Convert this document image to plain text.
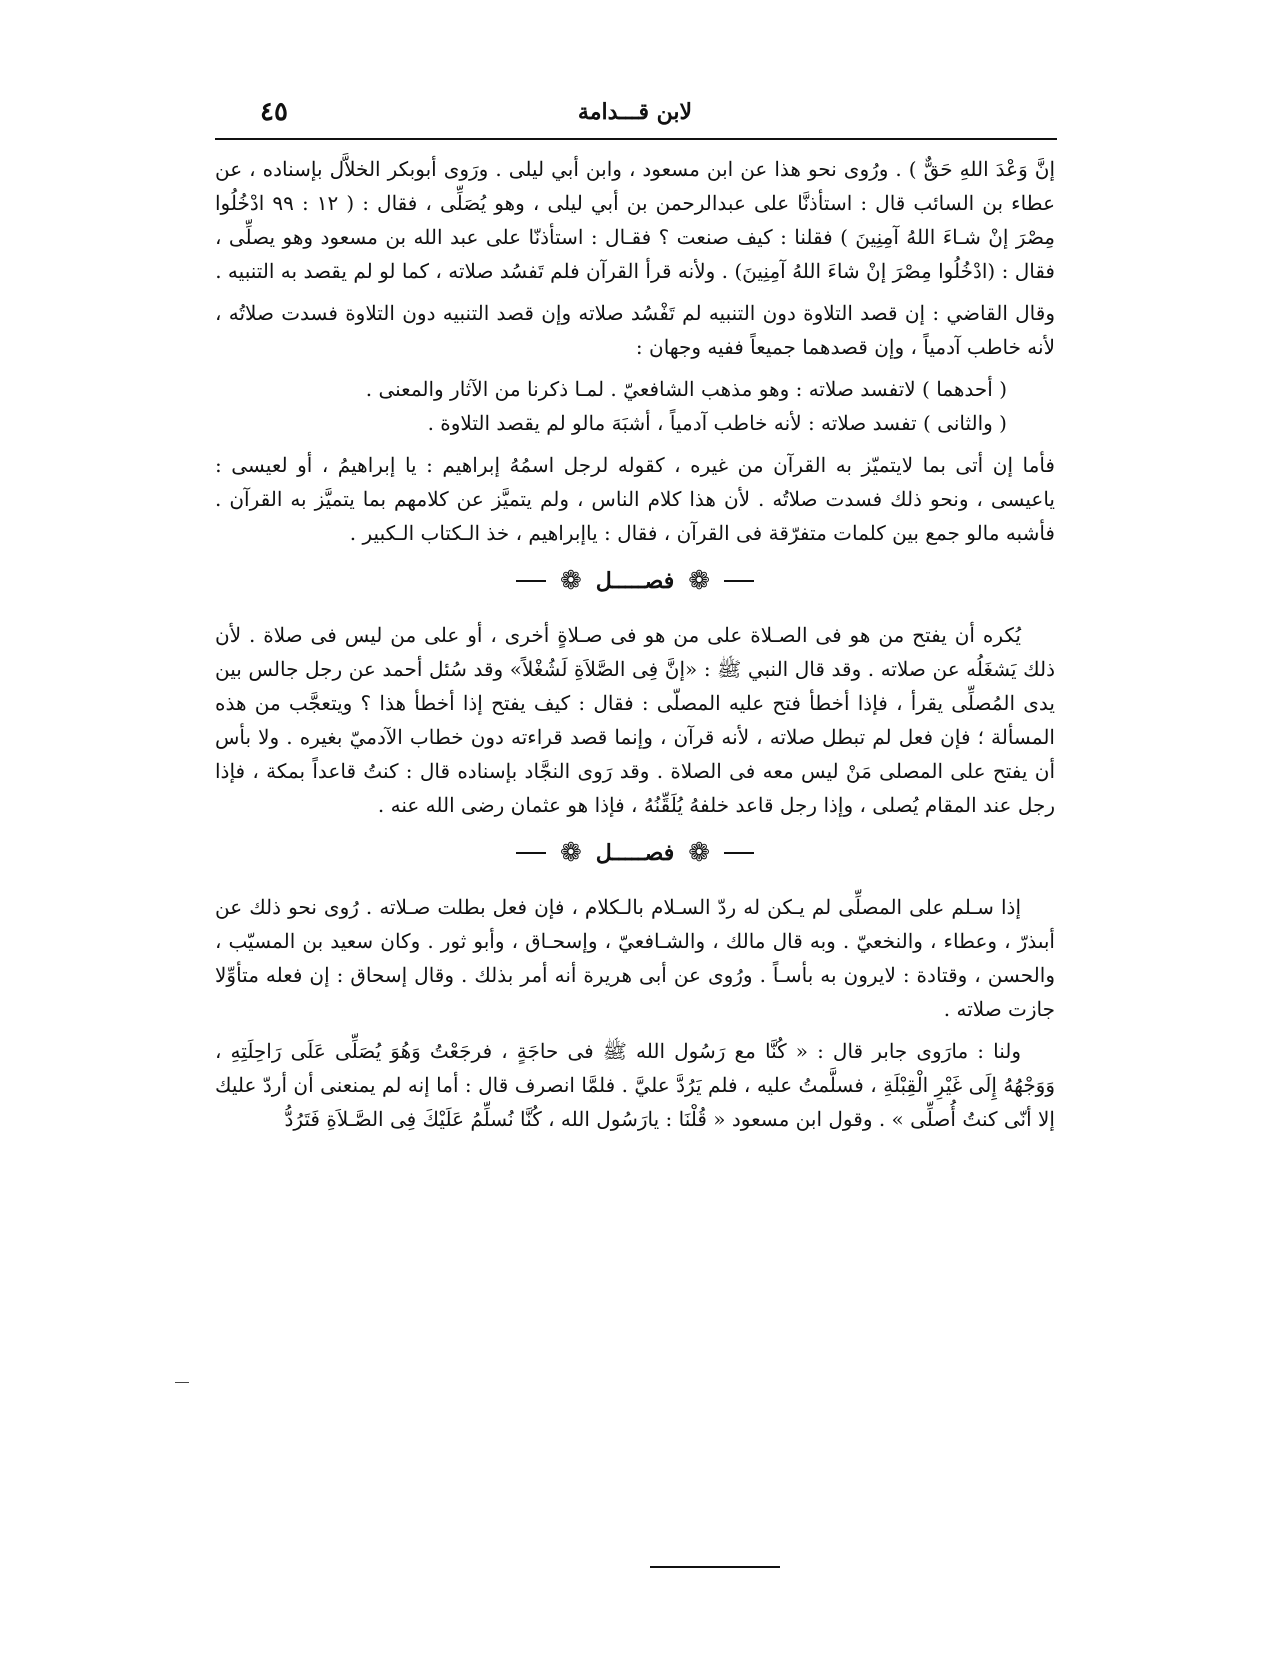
لابن قـــدامة
٤٥

إنَّ وَعْدَ اللهِ حَقٌّ ) . ورُوى نحو هذا عن ابن مسعود ، وابن أبي ليلى . ورَوى أبوبكر الخلاَّل بإسناده ، عن عطاء بن السائب قال : استأذنَّا على عبدالرحمن بن أبي ليلى ، وهو يُصَلِّى ، فقال : ( ١٢ : ٩٩ ادْخُلُوا مِصْرَ إنْ شـاءَ اللهُ آمِنِينَ ) فقلنا : كيف صنعت ؟ فقـال : استأذنّا على عبد الله بن مسعود وهو يصلِّى ، فقال : (ادْخُلُوا مِصْرَ إنْ شاءَ اللهُ آمِنِينَ) . ولأنه قرأ القرآن فلم تَفسُد صلاته ، كما لو لم يقصد به التنبيه .

وقال القاضي : إن قصد التلاوة دون التنبيه لم تَفْسُد صلاته وإن قصد التنبيه دون التلاوة فسدت صلاتُه ، لأنه خاطب آدمياً ، وإن قصدهما جميعاً ففيه وجهان :

( أحدهما ) لاتفسد صلاته : وهو مذهب الشافعيّ . لمـا ذكرنا من الآثار والمعنى .

( والثانى ) تفسد صلاته : لأنه خاطب آدمياً ، أشبَهَ مالو لم يقصد التلاوة .

فأما إن أتى بما لايتميّز به القرآن من غيره ، كقوله لرجل اسمُهُ إبراهيم : يا إبراهيمُ ، أو لعيسى : ياعيسى ، ونحو ذلك فسدت صلاتُه . لأن هذا كلام الناس ، ولم يتميَّز عن كلامهم بما يتميَّز به القرآن . فأشبه مالو جمع بين كلمات متفرّقة فى القرآن ، فقال : ياإبراهيم ، خذ الـكتاب الـكبير .

❁
فصـــــل
❁

يُكره أن يفتح من هو فى الصـلاة على من هو فى صـلاةٍ أخرى ، أو على من ليس فى صلاة . لأن ذلك يَشغَلُه عن صلاته . وقد قال النبي ﷺ : «إنَّ فِى الصَّلاَةِ لَشُغْلاً» وقد سُئل أحمد عن رجل جالس بين يدى المُصلِّى يقرأ ، فإذا أخطأ فتح عليه المصلّى : فقال : كيف يفتح إذا أخطأ هذا ؟ ويتعجَّب من هذه المسألة ؛ فإن فعل لم تبطل صلاته ، لأنه قرآن ، وإنما قصد قراءته دون خطاب الآدميّ بغيره . ولا بأس أن يفتح على المصلى مَنْ ليس معه فى الصلاة . وقد رَوى النجَّاد بإسناده قال : كنتُ قاعداً بمكة ، فإذا رجل عند المقام يُصلى ، وإذا رجل قاعد خلفهُ يُلَقِّنُهُ ، فإذا هو عثمان رضى الله عنه .

❁
فصـــــل
❁

إذا سـلم على المصلِّى لم يـكن له ردّ السـلام بالـكلام ، فإن فعل بطلت صـلاته . رُوى نحو ذلك عن أبىذرّ ، وعطاء ، والنخعيّ . وبه قال مالك ، والشـافعيّ ، وإسحـاق ، وأبو ثور . وكان سعيد بن المسيّب ، والحسن ، وقتادة : لايرون به بأسـاً . ورُوى عن أبى هريرة أنه أمر بذلك . وقال إسحاق : إن فعله متأوِّلا جازت صلاته .

ولنا : مارَوى جابر قال : « كُنَّا مع رَسُول الله ﷺ فى حاجَةٍ ، فرجَعْتُ وَهُوَ يُصَلِّى عَلَى رَاحِلَتِهِ ، وَوَجْهُهُ إِلَى غَيْرِ الْقِبْلَةِ ، فسلَّمتُ عليه ، فلم يَرُدَّ عليَّ . فلمَّا انصرف قال : أما إنه لم يمنعنى أن أردّ عليك إلا أنّى كنتُ أُصلِّى » . وقول ابن مسعود « قُلْنَا : يارَسُول الله ، كُنَّا نُسلِّمُ عَلَيْكَ فِى الصَّـلاَةِ فَتَرُدُّ
